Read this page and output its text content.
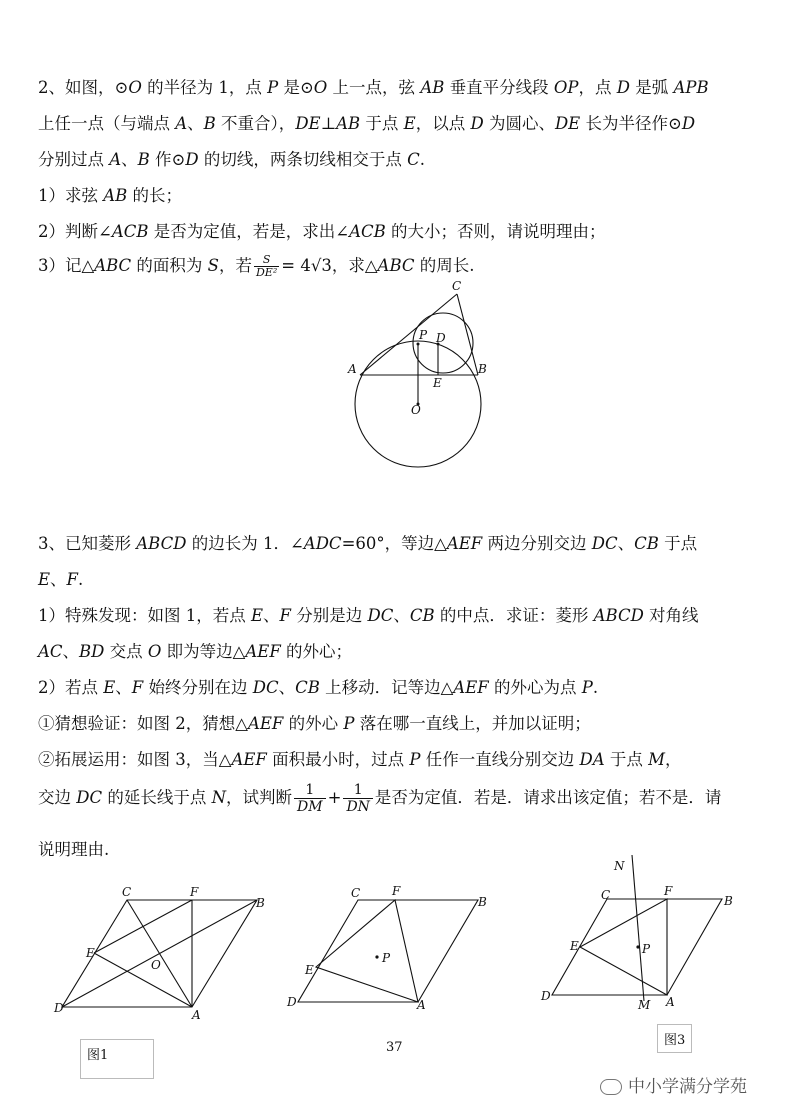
2、如图，⊙O 的半径为 1，点 P 是⊙O 上一点，弦 AB 垂直平分线段 OP，点 D 是弧 APB
上任一点（与端点 A、B 不重合），DE⊥AB 于点 E，以点 D 为圆心、DE 长为半径作⊙D
分别过点 A、B 作⊙D 的切线，两条切线相交于点 C.
1）求弦 AB 的长；
2）判断∠ACB 是否为定值，若是，求出∠ACB 的大小；否则，请说明理由；
3）记△ABC 的面积为 S，若 $\frac{S}{\text{DE²}} = 4√3$，求△ABC 的周长.
C
P D
A	B
E
O
3、已知菱形 ABCD 的边长为 1．∠ADC=60°，等边△AEF 两边分别交边 DC、CB 于点
E、F.
1）特殊发现：如图 1，若点 E、F 分别是边 DC、CB 的中点．求证：菱形 ABCD 对角线
AC、BD 交点 O 即为等边△AEF 的外心；
2）若点 E、F 始终分别在边 DC、CB 上移动．记等边△AEF 的外心为点 P.
①猜想验证：如图 2，猜想△AEF 的外心 P 落在哪一直线上，并加以证明；
②拓展运用：如图 3，当△AEF 面积最小时，过点 P 任作一直线分别交边 DA 于点 M，
交边 DC 的延长线于点 N，试判断 $\frac{1}{DM} + \frac{1}{DN}$ 是否为定值．若是．请求出该定值；若不是．请
说明理由.
C	F
B
E
O
D	A
C	F
B
E
P
D	A
N
C	F
B
E	P
D
M A
图1
图3
37
中小学满分学苑
